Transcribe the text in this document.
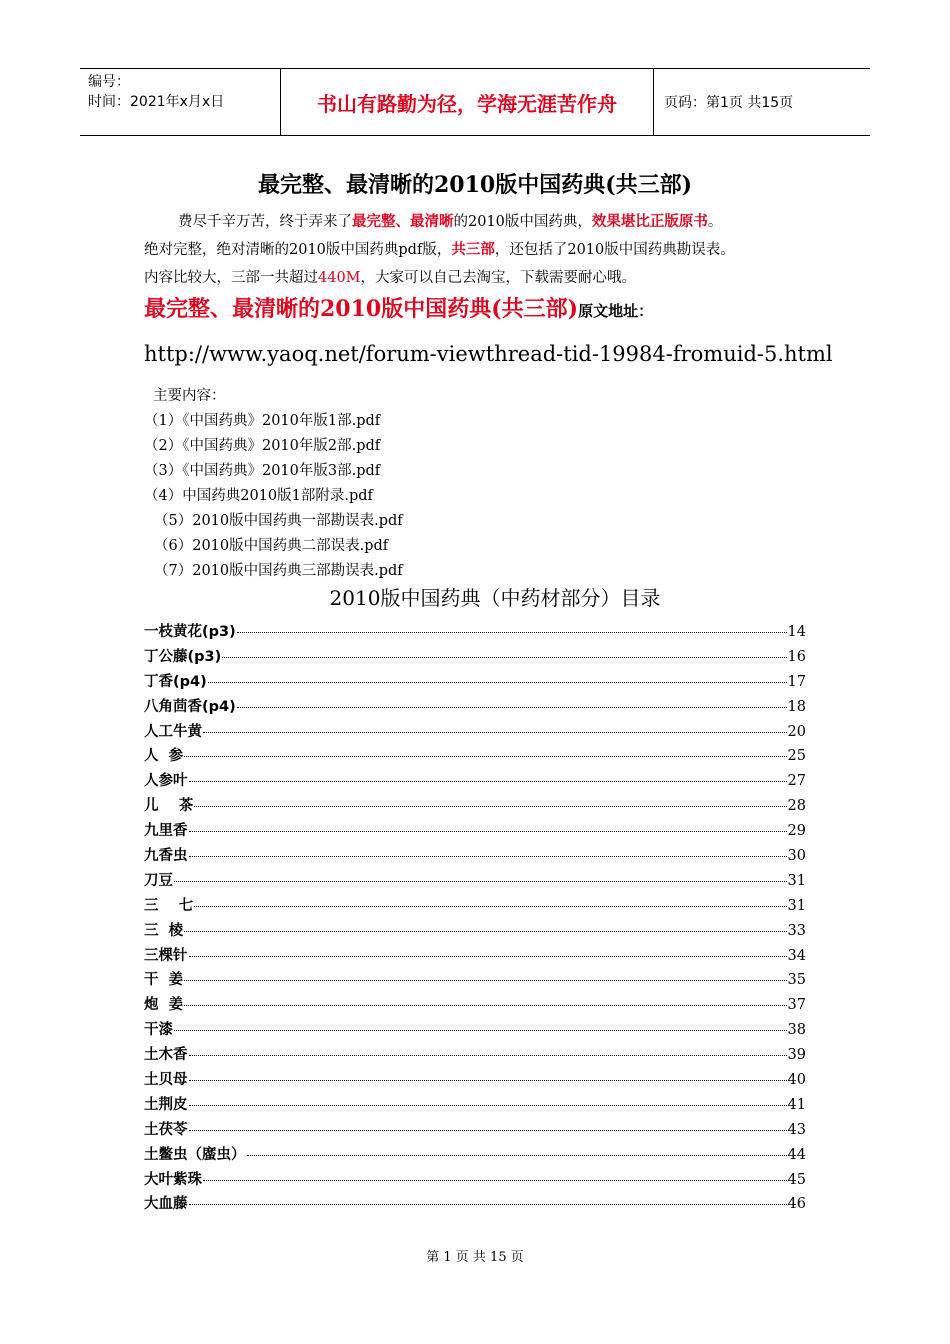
编号：
时间：2021年x月x日	书山有路勤为径，学海无涯苦作舟	页码：第1页 共15页
最完整、最清晰的2010版中国药典(共三部)
费尽千辛万苦，终于弄来了最完整、最清晰的2010版中国药典，效果堪比正版原书。
绝对完整，绝对清晰的2010版中国药典pdf版，共三部，还包括了2010版中国药典勘误表。
内容比较大，三部一共超过440M，大家可以自己去淘宝，下载需要耐心哦。
最完整、最清晰的2010版中国药典(共三部)原文地址：
http://www.yaoq.net/forum-viewthread-tid-19984-fromuid-5.html
主要内容：
（1）《中国药典》2010年版1部.pdf
（2）《中国药典》2010年版2部.pdf
（3）《中国药典》2010年版3部.pdf
（4）中国药典2010版1部附录.pdf
（5）2010版中国药典一部勘误表.pdf
（6）2010版中国药典二部误表.pdf
（7）2010版中国药典三部勘误表.pdf
2010版中国药典（中药材部分）目录
一枝黄花(p3)	14
丁公藤(p3)	16
丁香(p4)	17
八角茴香(p4)	18
人工牛黄	20
人  参	25
人参叶	27
儿    茶	28
九里香	29
九香虫	30
刀豆	31
三    七	31
三  棱	33
三棵针	34
干  姜	35
炮  姜	37
干漆	38
土木香	39
土贝母	40
土荆皮	41
土茯苓	43
土鳖虫（䗪虫）	44
大叶紫珠	45
大血藤	46
第 1 页 共 15 页
